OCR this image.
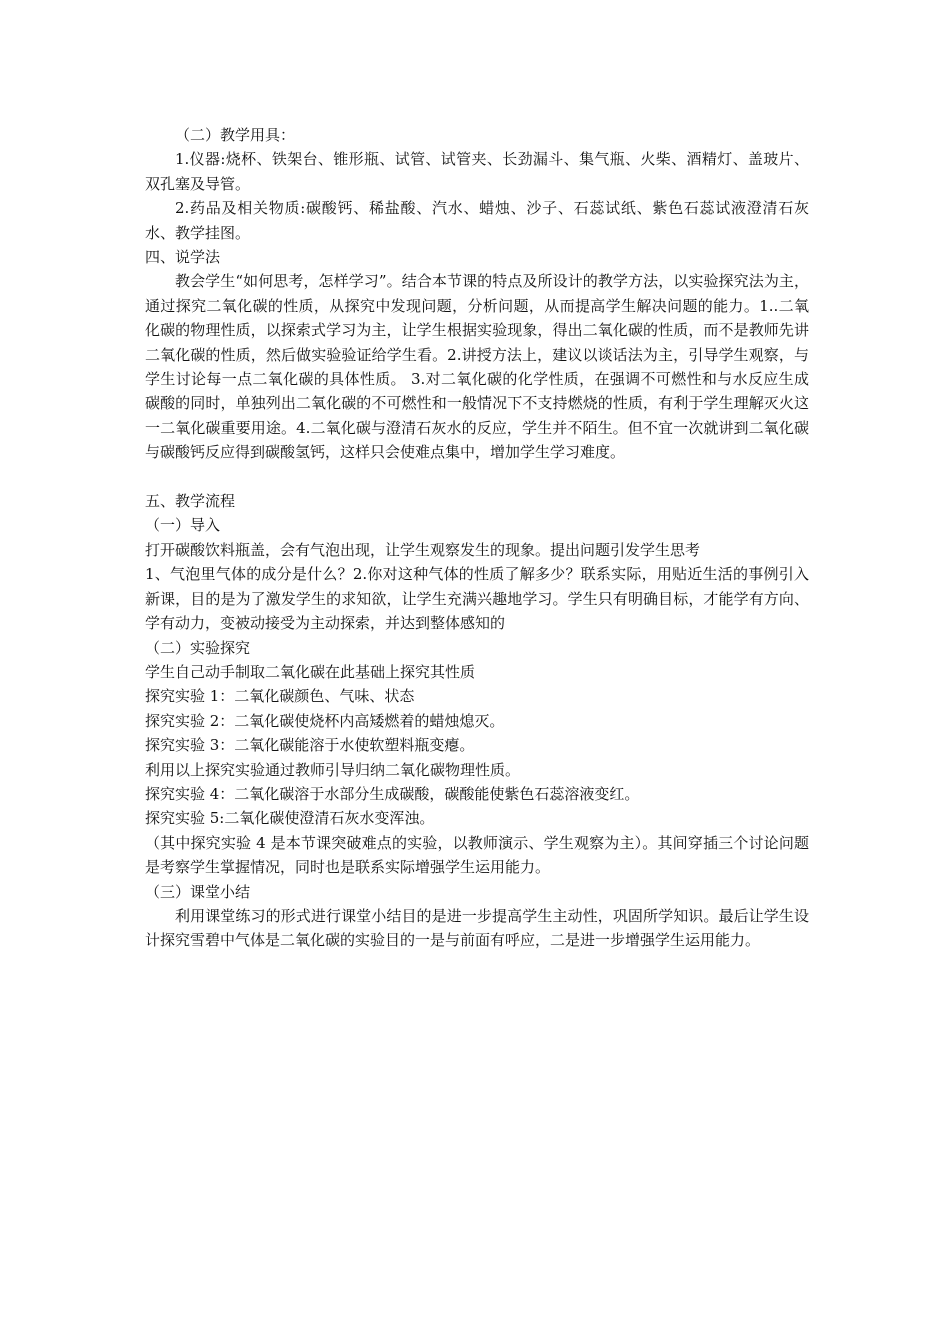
（二）教学用具：

1.仪器:烧杯、铁架台、锥形瓶、试管、试管夹、长劲漏斗、集气瓶、火柴、酒精灯、盖玻片、双孔塞及导管。

2.药品及相关物质:碳酸钙、稀盐酸、汽水、蜡烛、沙子、石蕊试纸、紫色石蕊试液澄清石灰水、教学挂图。

四、说学法

教会学生“如何思考，怎样学习”。结合本节课的特点及所设计的教学方法，以实验探究法为主，通过探究二氧化碳的性质，从探究中发现问题，分析问题，从而提高学生解决问题的能力。1..二氧化碳的物理性质，以探索式学习为主，让学生根据实验现象，得出二氧化碳的性质，而不是教师先讲二氧化碳的性质，然后做实验验证给学生看。2.讲授方法上，建议以谈话法为主，引导学生观察，与学生讨论每一点二氧化碳的具体性质。 3.对二氧化碳的化学性质，在强调不可燃性和与水反应生成碳酸的同时，单独列出二氧化碳的不可燃性和一般情况下不支持燃烧的性质，有利于学生理解灭火这一二氧化碳重要用途。4.二氧化碳与澄清石灰水的反应，学生并不陌生。但不宜一次就讲到二氧化碳与碳酸钙反应得到碳酸氢钙，这样只会使难点集中，增加学生学习难度。

五、教学流程

（一）导入

打开碳酸饮料瓶盖，会有气泡出现，让学生观察发生的现象。提出问题引发学生思考

1、气泡里气体的成分是什么？2.你对这种气体的性质了解多少？联系实际，用贴近生活的事例引入新课，目的是为了激发学生的求知欲，让学生充满兴趣地学习。学生只有明确目标，才能学有方向、学有动力，变被动接受为主动探索，并达到整体感知的

（二）实验探究

学生自己动手制取二氧化碳在此基础上探究其性质

探究实验 1：二氧化碳颜色、气味、状态

探究实验 2：二氧化碳使烧杯内高矮燃着的蜡烛熄灭。

探究实验 3：二氧化碳能溶于水使软塑料瓶变瘪。

利用以上探究实验通过教师引导归纳二氧化碳物理性质。

探究实验 4：二氧化碳溶于水部分生成碳酸，碳酸能使紫色石蕊溶液变红。

探究实验 5:二氧化碳使澄清石灰水变浑浊。

（其中探究实验 4 是本节课突破难点的实验，以教师演示、学生观察为主）。其间穿插三个讨论问题是考察学生掌握情况，同时也是联系实际增强学生运用能力。

（三）课堂小结

利用课堂练习的形式进行课堂小结目的是进一步提高学生主动性，巩固所学知识。最后让学生设计探究雪碧中气体是二氧化碳的实验目的一是与前面有呼应，二是进一步增强学生运用能力。
